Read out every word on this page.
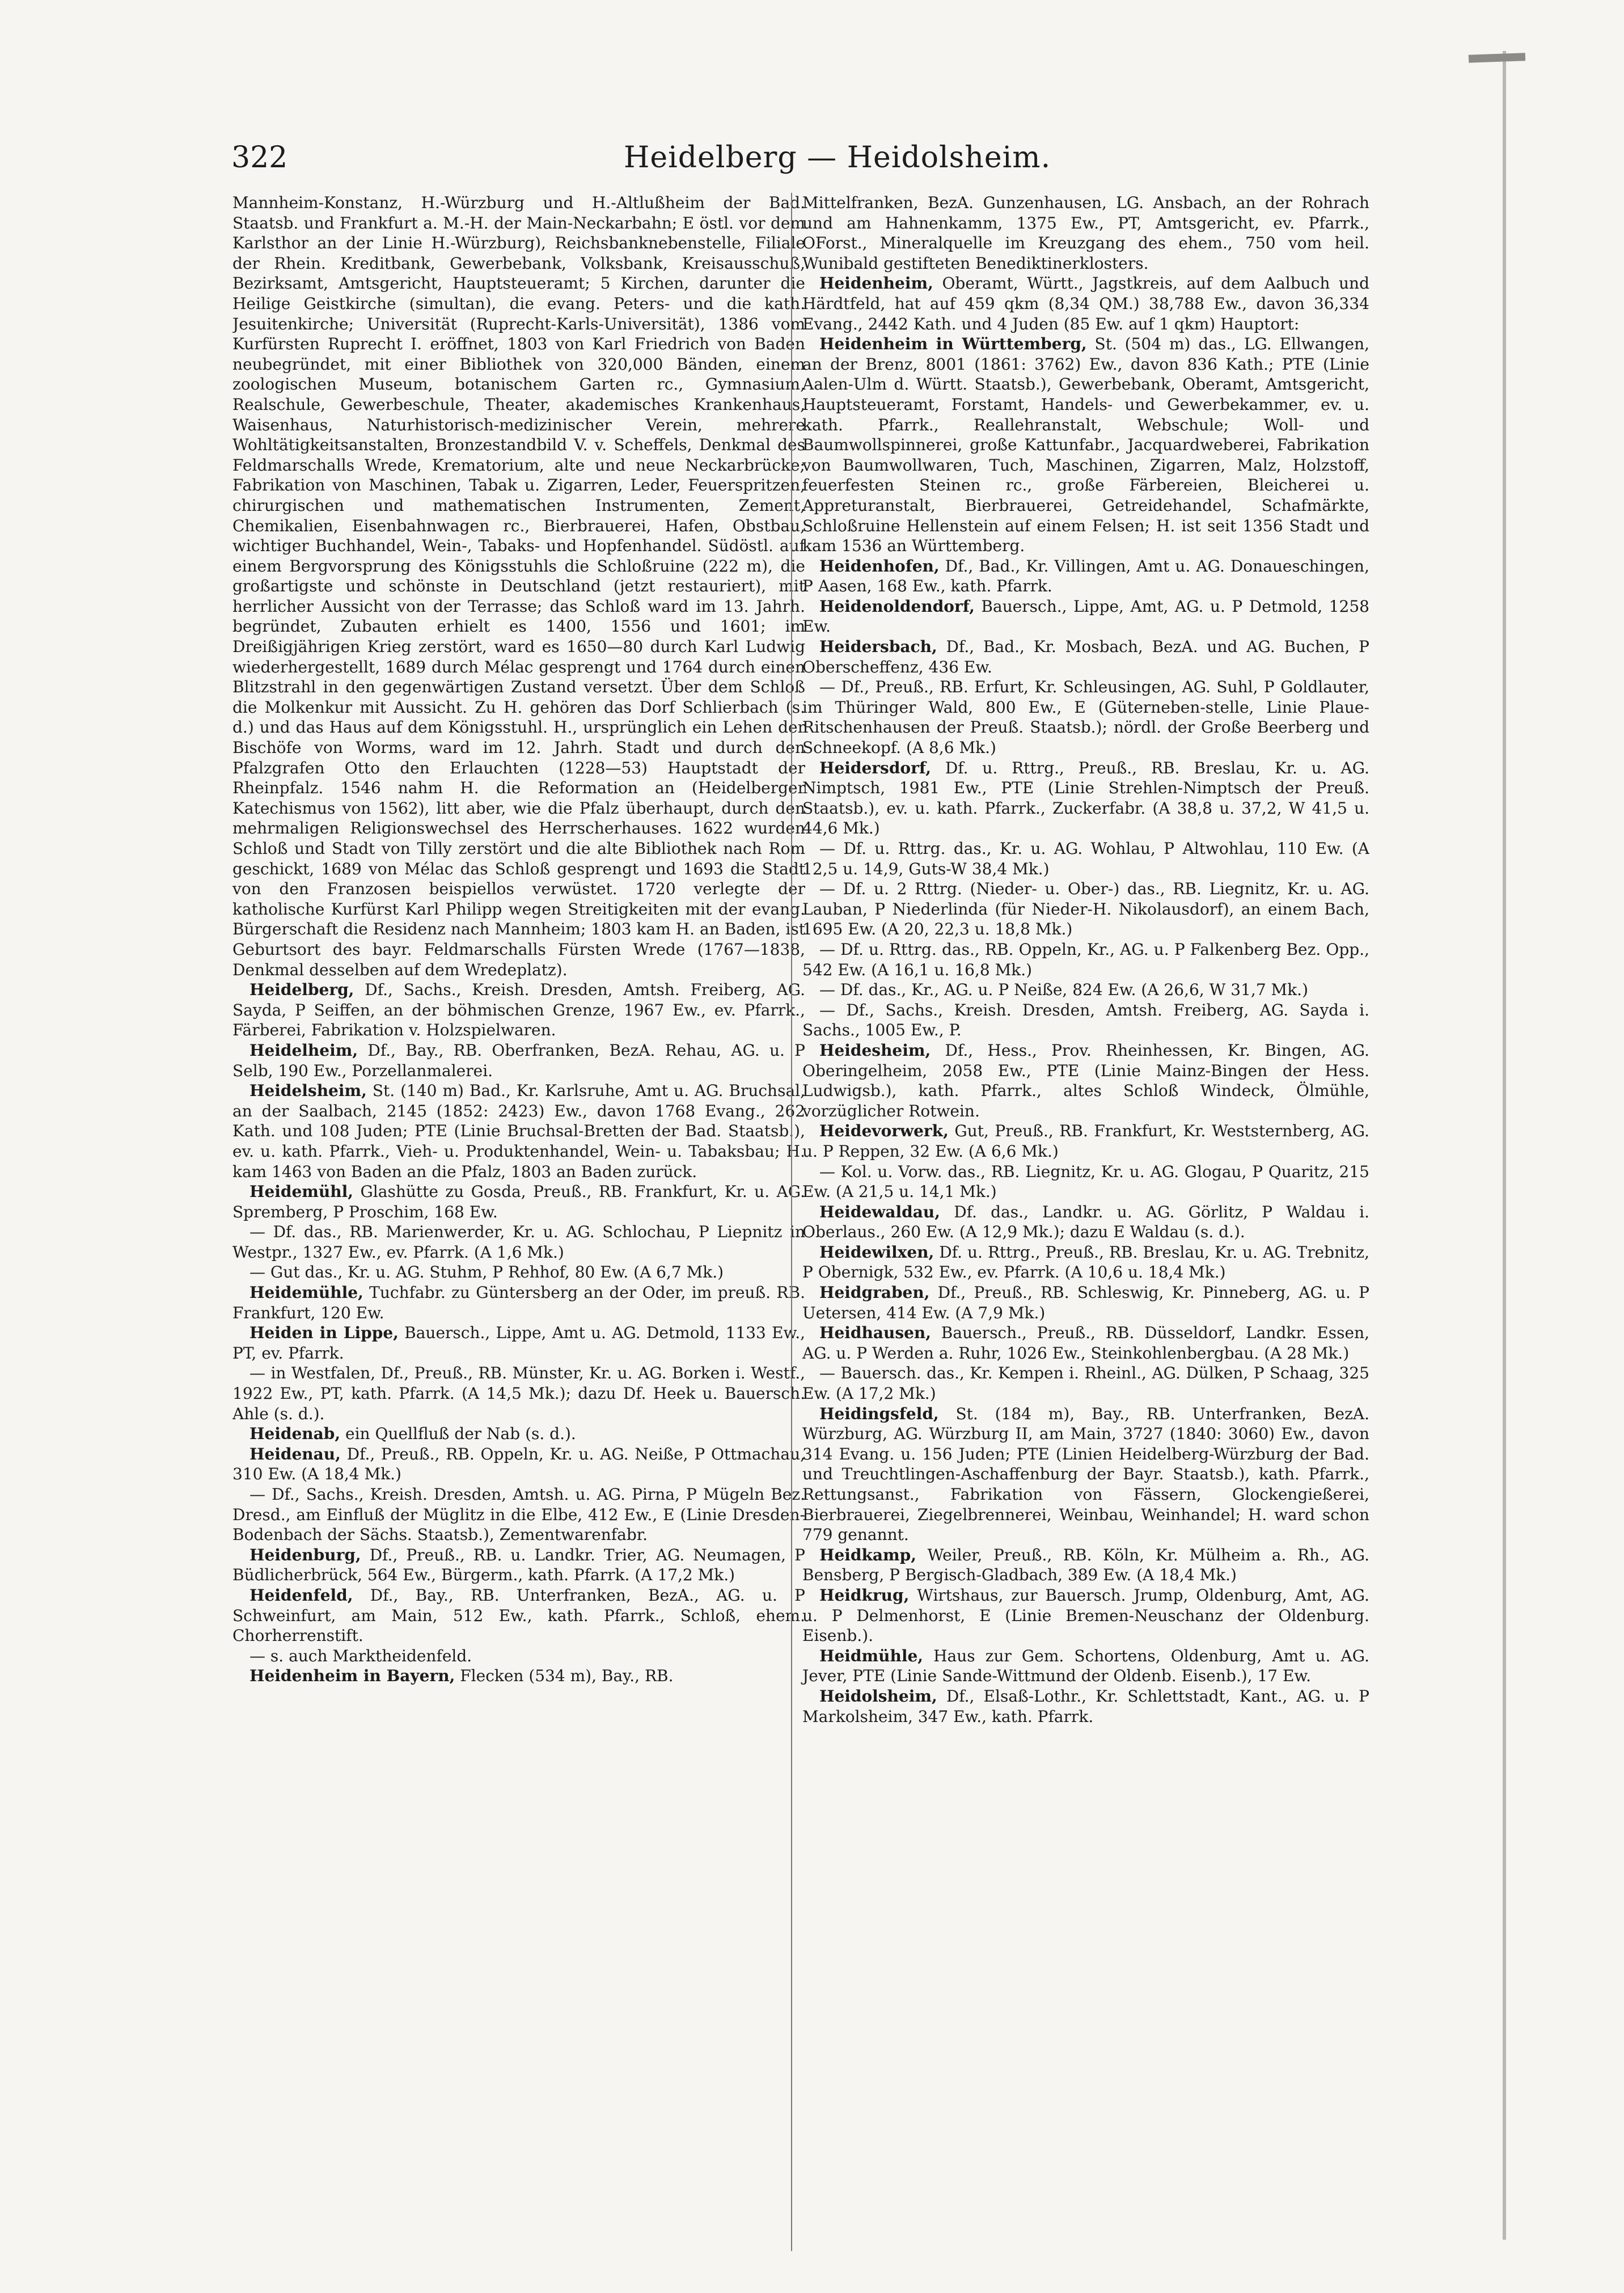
322	Heidelberg — Heidolsheim.

Mannheim-Konstanz, H.-Würzburg und H.-Altlußheim der Bad. Staatsb. und Frankfurt a. M.-H. der Main-Neckarbahn; E östl. vor dem Karlsthor an der Linie H.-Würzburg), Reichsbanknebenstelle, Filiale der Rhein. Kreditbank, Gewerbebank, Volksbank, Kreisausschuß, Bezirksamt, Amtsgericht, Hauptsteueramt; 5 Kirchen, darunter die Heilige Geistkirche (simultan), die evang. Peters- und die kath. Jesuitenkirche; Universität (Ruprecht-Karls-Universität), 1386 vom Kurfürsten Ruprecht I. eröffnet, 1803 von Karl Friedrich von Baden neubegründet, mit einer Bibliothek von 320,000 Bänden, einem zoologischen Museum, botanischem Garten rc., Gymnasium, Realschule, Gewerbeschule, Theater, akademisches Krankenhaus, Waisenhaus, Naturhistorisch-medizinischer Verein, mehrere Wohltätigkeitsanstalten, Bronzestandbild V. v. Scheffels, Denkmal des Feldmarschalls Wrede, Krematorium, alte und neue Neckarbrücke; Fabrikation von Maschinen, Tabak u. Zigarren, Leder, Feuerspritzen, chirurgischen und mathematischen Instrumenten, Zement, Chemikalien, Eisenbahnwagen rc., Bierbrauerei, Hafen, Obstbau, wichtiger Buchhandel, Wein-, Tabaks- und Hopfenhandel. Südöstl. auf einem Bergvorsprung des Königsstuhls die Schloßruine (222 m), die großartigste und schönste in Deutschland (jetzt restauriert), mit herrlicher Aussicht von der Terrasse; das Schloß ward im 13. Jahrh. begründet, Zubauten erhielt es 1400, 1556 und 1601; im Dreißigjährigen Krieg zerstört, ward es 1650—80 durch Karl Ludwig wiederhergestellt, 1689 durch Mélac gesprengt und 1764 durch einen Blitzstrahl in den gegenwärtigen Zustand versetzt. Über dem Schloß die Molkenkur mit Aussicht. Zu H. gehören das Dorf Schlierbach (s. d.) und das Haus auf dem Königsstuhl. H., ursprünglich ein Lehen der Bischöfe von Worms, ward im 12. Jahrh. Stadt und durch den Pfalzgrafen Otto den Erlauchten (1228—53) Hauptstadt der Rheinpfalz. 1546 nahm H. die Reformation an (Heidelberger Katechismus von 1562), litt aber, wie die Pfalz überhaupt, durch den mehrmaligen Religionswechsel des Herrscherhauses. 1622 wurden Schloß und Stadt von Tilly zerstört und die alte Bibliothek nach Rom geschickt, 1689 von Mélac das Schloß gesprengt und 1693 die Stadt von den Franzosen beispiellos verwüstet. 1720 verlegte der katholische Kurfürst Karl Philipp wegen Streitigkeiten mit der evang. Bürgerschaft die Residenz nach Mannheim; 1803 kam H. an Baden, ist Geburtsort des bayr. Feldmarschalls Fürsten Wrede (1767—1838, Denkmal desselben auf dem Wredeplatz).

Heidelberg, Df., Sachs., Kreish. Dresden, Amtsh. Freiberg, AG. Sayda, P Seiffen, an der böhmischen Grenze, 1967 Ew., ev. Pfarrk., Färberei, Fabrikation v. Holzspielwaren.

Heidelheim, Df., Bay., RB. Oberfranken, BezA. Rehau, AG. u. P Selb, 190 Ew., Porzellanmalerei.

Heidelsheim, St. (140 m) Bad., Kr. Karlsruhe, Amt u. AG. Bruchsal, an der Saalbach, 2145 (1852: 2423) Ew., davon 1768 Evang., 262 Kath. und 108 Juden; PTE (Linie Bruchsal-Bretten der Bad. Staatsb.), ev. u. kath. Pfarrk., Vieh- u. Produktenhandel, Wein- u. Tabaksbau; H. kam 1463 von Baden an die Pfalz, 1803 an Baden zurück.

Heidemühl, Glashütte zu Gosda, Preuß., RB. Frankfurt, Kr. u. AG. Spremberg, P Proschim, 168 Ew.

— Df. das., RB. Marienwerder, Kr. u. AG. Schlochau, P Liepnitz in Westpr., 1327 Ew., ev. Pfarrk. (A 1,6 Mk.)

— Gut das., Kr. u. AG. Stuhm, P Rehhof, 80 Ew. (A 6,7 Mk.)

Heidemühle, Tuchfabr. zu Güntersberg an der Oder, im preuß. RB. Frankfurt, 120 Ew.

Heiden in Lippe, Bauersch., Lippe, Amt u. AG. Detmold, 1133 Ew., PT, ev. Pfarrk.

— in Westfalen, Df., Preuß., RB. Münster, Kr. u. AG. Borken i. Westf., 1922 Ew., PT, kath. Pfarrk. (A 14,5 Mk.); dazu Df. Heek u. Bauersch. Ahle (s. d.).

Heidenab, ein Quellfluß der Nab (s. d.).

Heidenau, Df., Preuß., RB. Oppeln, Kr. u. AG. Neiße, P Ottmachau, 310 Ew. (A 18,4 Mk.)

— Df., Sachs., Kreish. Dresden, Amtsh. u. AG. Pirna, P Mügeln Bez. Dresd., am Einfluß der Müglitz in die Elbe, 412 Ew., E (Linie Dresden-Bodenbach der Sächs. Staatsb.), Zementwarenfabr.

Heidenburg, Df., Preuß., RB. u. Landkr. Trier, AG. Neumagen, P Büdlicherbrück, 564 Ew., Bürgerm., kath. Pfarrk. (A 17,2 Mk.)

Heidenfeld, Df., Bay., RB. Unterfranken, BezA., AG. u. P Schweinfurt, am Main, 512 Ew., kath. Pfarrk., Schloß, ehem. Chorherrenstift.

— s. auch Marktheidenfeld.

Heidenheim in Bayern, Flecken (534 m), Bay., RB.

Mittelfranken, BezA. Gunzenhausen, LG. Ansbach, an der Rohrach und am Hahnenkamm, 1375 Ew., PT, Amtsgericht, ev. Pfarrk., OForst., Mineralquelle im Kreuzgang des ehem., 750 vom heil. Wunibald gestifteten Benediktinerklosters.

Heidenheim, Oberamt, Württ., Jagstkreis, auf dem Aalbuch und Härdtfeld, hat auf 459 qkm (8,34 QM.) 38,788 Ew., davon 36,334 Evang., 2442 Kath. und 4 Juden (85 Ew. auf 1 qkm) Hauptort:

Heidenheim in Württemberg, St. (504 m) das., LG. Ellwangen, an der Brenz, 8001 (1861: 3762) Ew., davon 836 Kath.; PTE (Linie Aalen-Ulm d. Württ. Staatsb.), Gewerbebank, Oberamt, Amtsgericht, Hauptsteueramt, Forstamt, Handels- und Gewerbekammer, ev. u. kath. Pfarrk., Reallehranstalt, Webschule; Woll- und Baumwollspinnerei, große Kattunfabr., Jacquardweberei, Fabrikation von Baumwollwaren, Tuch, Maschinen, Zigarren, Malz, Holzstoff, feuerfesten Steinen rc., große Färbereien, Bleicherei u. Appreturanstalt, Bierbrauerei, Getreidehandel, Schafmärkte, Schloßruine Hellenstein auf einem Felsen; H. ist seit 1356 Stadt und kam 1536 an Württemberg.

Heidenhofen, Df., Bad., Kr. Villingen, Amt u. AG. Donaueschingen, P Aasen, 168 Ew., kath. Pfarrk.

Heidenoldendorf, Bauersch., Lippe, Amt, AG. u. P Detmold, 1258 Ew.

Heidersbach, Df., Bad., Kr. Mosbach, BezA. und AG. Buchen, P Oberscheffenz, 436 Ew.

— Df., Preuß., RB. Erfurt, Kr. Schleusingen, AG. Suhl, P Goldlauter, im Thüringer Wald, 800 Ew., E (Güterneben-stelle, Linie Plaue-Ritschenhausen der Preuß. Staatsb.); nördl. der Große Beerberg und Schneekopf. (A 8,6 Mk.)

Heidersdorf, Df. u. Rttrg., Preuß., RB. Breslau, Kr. u. AG. Nimptsch, 1981 Ew., PTE (Linie Strehlen-Nimptsch der Preuß. Staatsb.), ev. u. kath. Pfarrk., Zuckerfabr. (A 38,8 u. 37,2, W 41,5 u. 44,6 Mk.)

— Df. u. Rttrg. das., Kr. u. AG. Wohlau, P Altwohlau, 110 Ew. (A 12,5 u. 14,9, Guts-W 38,4 Mk.)

— Df. u. 2 Rttrg. (Nieder- u. Ober-) das., RB. Liegnitz, Kr. u. AG. Lauban, P Niederlinda (für Nieder-H. Nikolausdorf), an einem Bach, 1695 Ew. (A 20, 22,3 u. 18,8 Mk.)

— Df. u. Rttrg. das., RB. Oppeln, Kr., AG. u. P Falkenberg Bez. Opp., 542 Ew. (A 16,1 u. 16,8 Mk.)

— Df. das., Kr., AG. u. P Neiße, 824 Ew. (A 26,6, W 31,7 Mk.)

— Df., Sachs., Kreish. Dresden, Amtsh. Freiberg, AG. Sayda i. Sachs., 1005 Ew., P.

Heidesheim, Df., Hess., Prov. Rheinhessen, Kr. Bingen, AG. Oberingelheim, 2058 Ew., PTE (Linie Mainz-Bingen der Hess. Ludwigsb.), kath. Pfarrk., altes Schloß Windeck, Ölmühle, vorzüglicher Rotwein.

Heidevorwerk, Gut, Preuß., RB. Frankfurt, Kr. Weststernberg, AG. u. P Reppen, 32 Ew. (A 6,6 Mk.)

— Kol. u. Vorw. das., RB. Liegnitz, Kr. u. AG. Glogau, P Quaritz, 215 Ew. (A 21,5 u. 14,1 Mk.)

Heidewaldau, Df. das., Landkr. u. AG. Görlitz, P Waldau i. Oberlaus., 260 Ew. (A 12,9 Mk.); dazu E Waldau (s. d.).

Heidewilxen, Df. u. Rttrg., Preuß., RB. Breslau, Kr. u. AG. Trebnitz, P Obernigk, 532 Ew., ev. Pfarrk. (A 10,6 u. 18,4 Mk.)

Heidgraben, Df., Preuß., RB. Schleswig, Kr. Pinneberg, AG. u. P Uetersen, 414 Ew. (A 7,9 Mk.)

Heidhausen, Bauersch., Preuß., RB. Düsseldorf, Landkr. Essen, AG. u. P Werden a. Ruhr, 1026 Ew., Steinkohlenbergbau. (A 28 Mk.)

— Bauersch. das., Kr. Kempen i. Rheinl., AG. Dülken, P Schaag, 325 Ew. (A 17,2 Mk.)

Heidingsfeld, St. (184 m), Bay., RB. Unterfranken, BezA. Würzburg, AG. Würzburg II, am Main, 3727 (1840: 3060) Ew., davon 314 Evang. u. 156 Juden; PTE (Linien Heidelberg-Würzburg der Bad. und Treuchtlingen-Aschaffenburg der Bayr. Staatsb.), kath. Pfarrk., Rettungsanst., Fabrikation von Fässern, Glockengießerei, Bierbrauerei, Ziegelbrennerei, Weinbau, Weinhandel; H. ward schon 779 genannt.

Heidkamp, Weiler, Preuß., RB. Köln, Kr. Mülheim a. Rh., AG. Bensberg, P Bergisch-Gladbach, 389 Ew. (A 18,4 Mk.)

Heidkrug, Wirtshaus, zur Bauersch. Jrump, Oldenburg, Amt, AG. u. P Delmenhorst, E (Linie Bremen-Neuschanz der Oldenburg. Eisenb.).

Heidmühle, Haus zur Gem. Schortens, Oldenburg, Amt u. AG. Jever, PTE (Linie Sande-Wittmund der Oldenb. Eisenb.), 17 Ew.

Heidolsheim, Df., Elsaß-Lothr., Kr. Schlettstadt, Kant., AG. u. P Markolsheim, 347 Ew., kath. Pfarrk.
